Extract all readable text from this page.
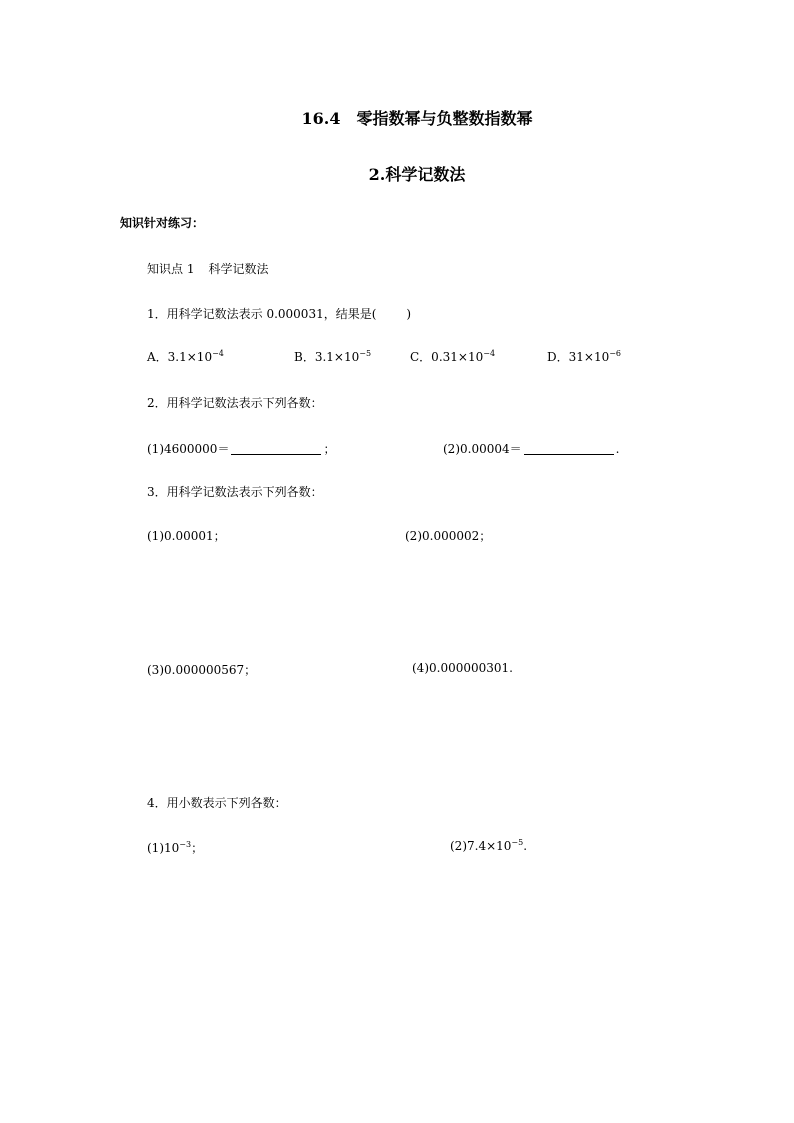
16.4 零指数幂与负整数指数幂
2.科学记数法
知识针对练习：
知识点 1 科学记数法
1．用科学记数法表示 0.000031，结果是(	)
A．$3.1\times 10^{-4}$	B．$3.1\times 10^{-5}$	C．$0.31\times 10^{-4}$	D．$31\times 10^{-6}$
2．用科学记数法表示下列各数：
(1)4600000＝	；	(2)0.00004＝	.
3．用科学记数法表示下列各数：
(1)0.00001；	(2)0.000002；
(3)0.000000567；	(4)0.000000301.
4．用小数表示下列各数：
$(1)10^{-3}$；	$(2)7.4\times 10^{-5}$.
